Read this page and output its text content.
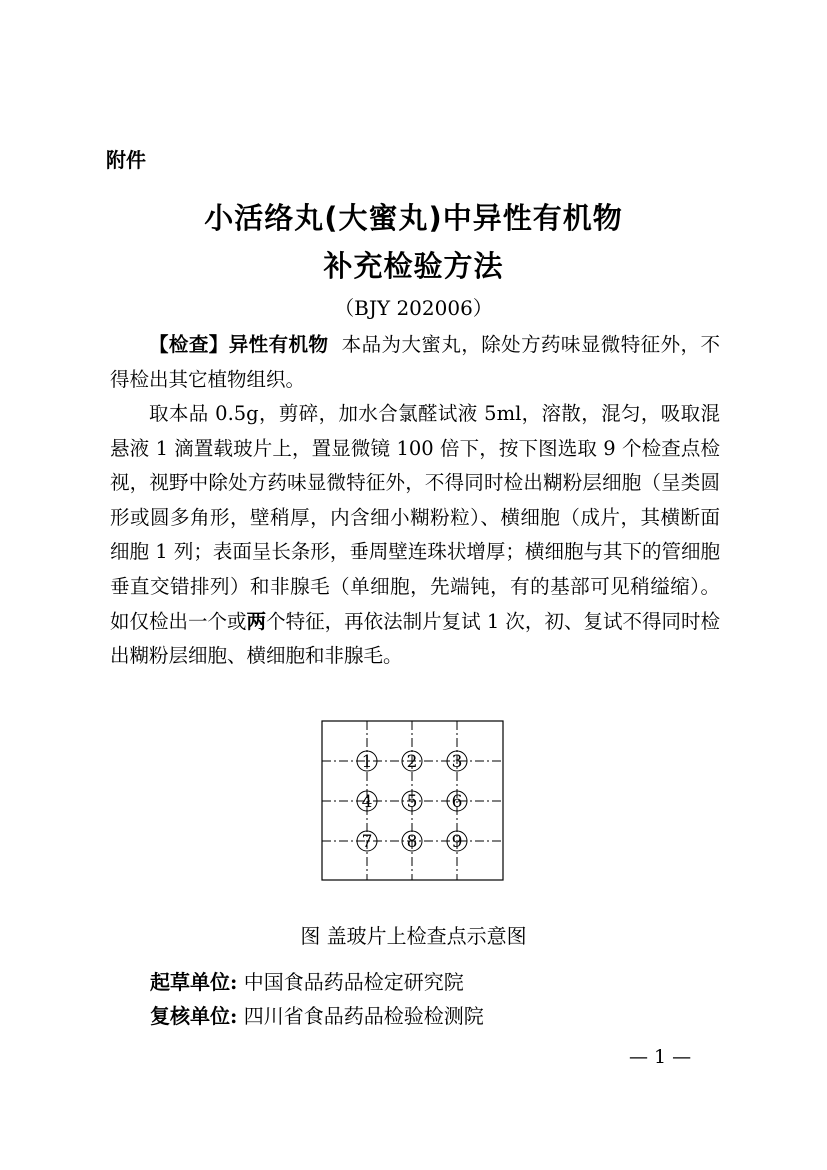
附件
小活络丸(大蜜丸)中异性有机物
补充检验方法
（BJY 202006）
【检查】异性有机物 本品为大蜜丸，除处方药味显微特征外，不得检出其它植物组织。
取本品 0.5g，剪碎，加水合氯醛试液 5ml，溶散，混匀，吸取混悬液 1 滴置载玻片上，置显微镜 100 倍下，按下图选取 9 个检查点检视，视野中除处方药味显微特征外，不得同时检出糊粉层细胞（呈类圆形或圆多角形，壁稍厚，内含细小糊粉粒）、横细胞（成片，其横断面细胞 1 列；表面呈长条形，垂周壁连珠状增厚；横细胞与其下的管细胞垂直交错排列）和非腺毛（单细胞，先端钝，有的基部可见稍缢缩）。如仅检出一个或两个特征，再依法制片复试 1 次，初、复试不得同时检出糊粉层细胞、横细胞和非腺毛。
1 2 3
4 5 6
7 8 9
图 盖玻片上检查点示意图
起草单位: 中国食品药品检定研究院
复核单位: 四川省食品药品检验检测院
— 1 —
